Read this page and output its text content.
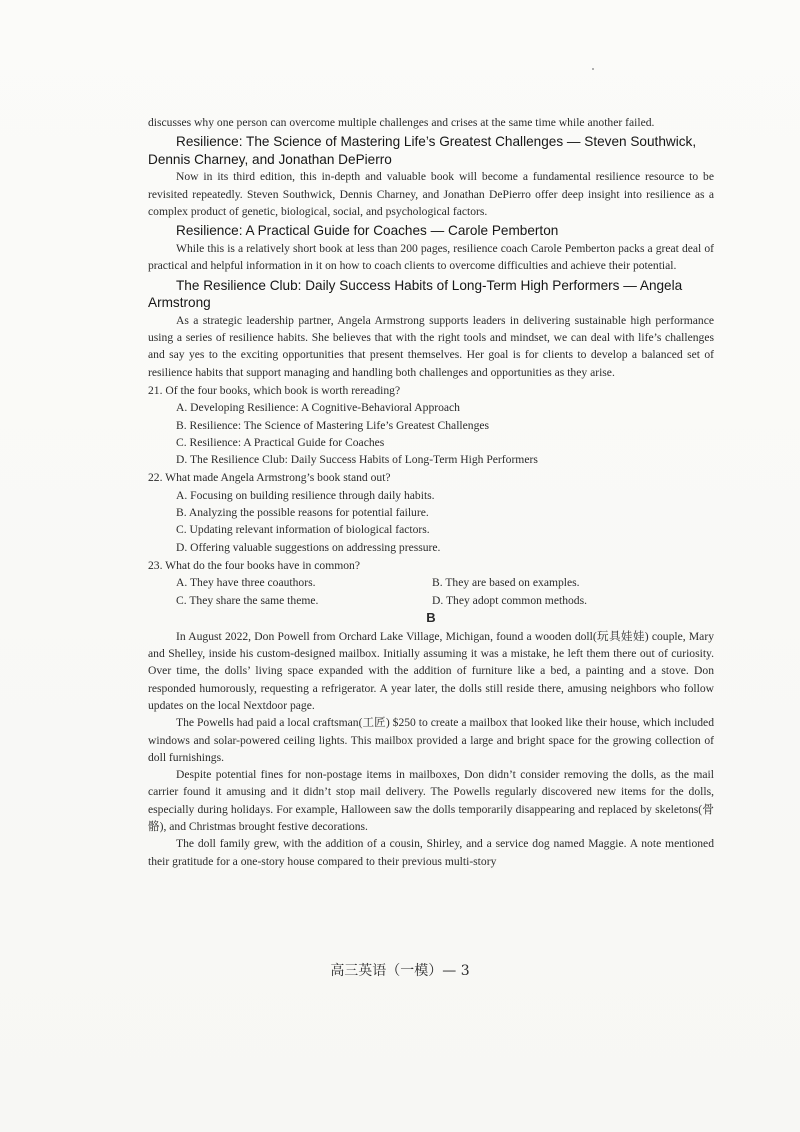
discusses why one person can overcome multiple challenges and crises at the same time while another failed.

Resilience: The Science of Mastering Life’s Greatest Challenges — Steven Southwick, Dennis Charney, and Jonathan DePierro

Now in its third edition, this in-depth and valuable book will become a fundamental resilience resource to be revisited repeatedly. Steven Southwick, Dennis Charney, and Jonathan DePierro offer deep insight into resilience as a complex product of genetic, biological, social, and psychological factors.

Resilience: A Practical Guide for Coaches — Carole Pemberton

While this is a relatively short book at less than 200 pages, resilience coach Carole Pemberton packs a great deal of practical and helpful information in it on how to coach clients to overcome difficulties and achieve their potential.

The Resilience Club: Daily Success Habits of Long-Term High Performers — Angela Armstrong

As a strategic leadership partner, Angela Armstrong supports leaders in delivering sustainable high performance using a series of resilience habits. She believes that with the right tools and mindset, we can deal with life’s challenges and say yes to the exciting opportunities that present themselves. Her goal is for clients to develop a balanced set of resilience habits that support managing and handling both challenges and opportunities as they arise.

21. Of the four books, which book is worth rereading?

A. Developing Resilience: A Cognitive-Behavioral Approach

B. Resilience: The Science of Mastering Life’s Greatest Challenges

C. Resilience: A Practical Guide for Coaches

D. The Resilience Club: Daily Success Habits of Long-Term High Performers

22. What made Angela Armstrong’s book stand out?

A. Focusing on building resilience through daily habits.

B. Analyzing the possible reasons for potential failure.

C. Updating relevant information of biological factors.

D. Offering valuable suggestions on addressing pressure.

23. What do the four books have in common?

A. They have three coauthors.	B. They are based on examples.
C. They share the same theme.	D. They adopt common methods.

B

In August 2022, Don Powell from Orchard Lake Village, Michigan, found a wooden doll(玩具娃娃) couple, Mary and Shelley, inside his custom-designed mailbox. Initially assuming it was a mistake, he left them there out of curiosity. Over time, the dolls’ living space expanded with the addition of furniture like a bed, a painting and a stove. Don responded humorously, requesting a refrigerator. A year later, the dolls still reside there, amusing neighbors who follow updates on the local Nextdoor page.

The Powells had paid a local craftsman(工匠) $250 to create a mailbox that looked like their house, which included windows and solar-powered ceiling lights. This mailbox provided a large and bright space for the growing collection of doll furnishings.

Despite potential fines for non-postage items in mailboxes, Don didn’t consider removing the dolls, as the mail carrier found it amusing and it didn’t stop mail delivery. The Powells regularly discovered new items for the dolls, especially during holidays. For example, Halloween saw the dolls temporarily disappearing and replaced by skeletons(骨骼), and Christmas brought festive decorations.

The doll family grew, with the addition of a cousin, Shirley, and a service dog named Maggie. A note mentioned their gratitude for a one-story house compared to their previous multi-story

高三英语（一模）— 3
